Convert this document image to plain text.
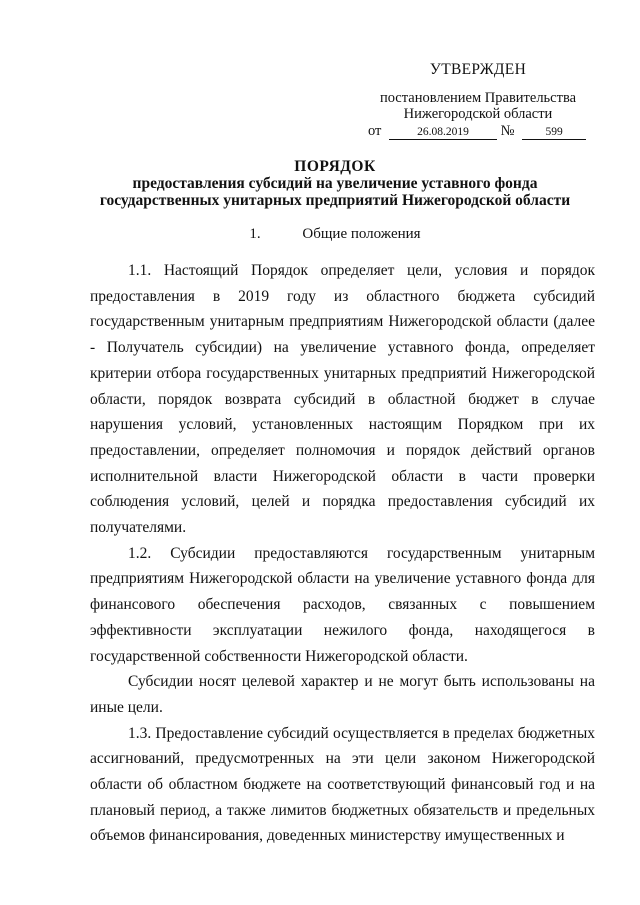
УТВЕРЖДЕН
постановлением Правительства
Нижегородской области
от	26.08.2019 №	599
ПОРЯДОК
предоставления субсидий на увеличение уставного фонда государственных унитарных предприятий Нижегородской области
1.	Общие положения

1.1. Настоящий Порядок определяет цели, условия и порядок предоставления в 2019 году из областного бюджета субсидий государственным унитарным предприятиям Нижегородской области (далее - Получатель субсидии) на увеличение уставного фонда, определяет критерии отбора государственных унитарных предприятий Нижегородской области, порядок возврата субсидий в областной бюджет в случае нарушения условий, установленных настоящим Порядком при их предоставлении, определяет полномочия и порядок действий органов исполнительной власти Нижегородской области в части проверки соблюдения условий, целей и порядка предоставления субсидий их получателями.

1.2. Субсидии предоставляются государственным унитарным предприятиям Нижегородской области на увеличение уставного фонда для финансового обеспечения расходов, связанных с повышением эффективности эксплуатации нежилого фонда, находящегося в государственной собственности Нижегородской области.

Субсидии носят целевой характер и не могут быть использованы на иные цели.

1.3. Предоставление субсидий осуществляется в пределах бюджетных ассигнований, предусмотренных на эти цели законом Нижегородской области об областном бюджете на соответствующий финансовый год и на плановый период, а также лимитов бюджетных обязательств и предельных объемов финансирования, доведенных министерству имущественных и
